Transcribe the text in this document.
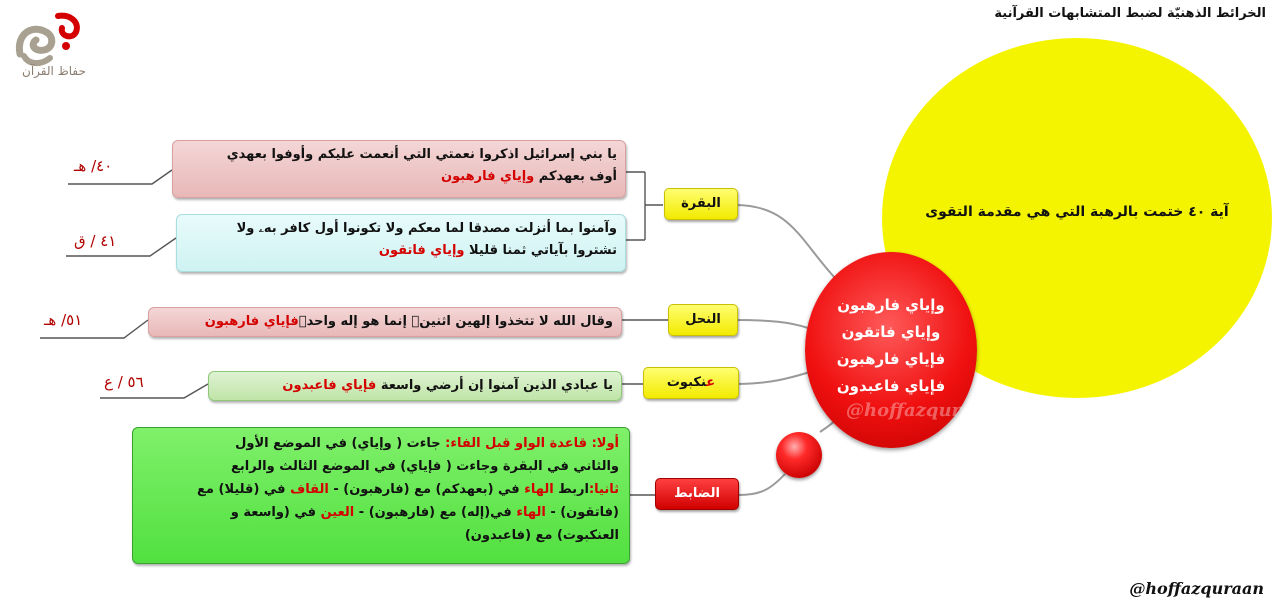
الخرائط الذهنيّة لضبط المتشابهات القرآنية
حفاظ القرآن
آية ٤٠ ختمت بالرهبة التي هي مقدمة التقوى
وإياي فارهبون
وإياي فاتقون
فإياي فارهبون
فإياي فاعبدون
@hoffazquraan
البقرة
النحل
عنكبوت
الضابط
يا بني إسرائيل اذكروا نعمتي التي أنعمت عليكم وأوفوا بعهدي
أوف بعهدكم وإياي فارهبون
٤٠/ هـ
وآمنوا بما أنزلت مصدقا لما معكم ولا تكونوا أول كافر بهۦ ولا
تشتروا بآياتي ثمنا قليلا وإياي فاتقون
٤١ / ق
وقال الله لا تتخذوا إلهين اثنينۖ إنما هو إله واحدۖفإياي فارهبون
٥١/ هـ
يا عبادي الذين آمنوا إن أرضي واسعة فإياي فاعبدون
٥٦ / ع
أولا: قاعدة الواو قبل الفاء: جاءت ( وإياي) في الموضع الأول
والثاني في البقرة وجاءت ( فإياي) في الموضع الثالث والرابع
ثانيا:اربط الهاء في (بعهدكم) مع (فارهبون) - القاف في (قليلا) مع
(فاتقون) - الهاء في(إله) مع (فارهبون) - العين في (واسعة و
العنكبوت) مع (فاعبدون)
@hoffazquraan
